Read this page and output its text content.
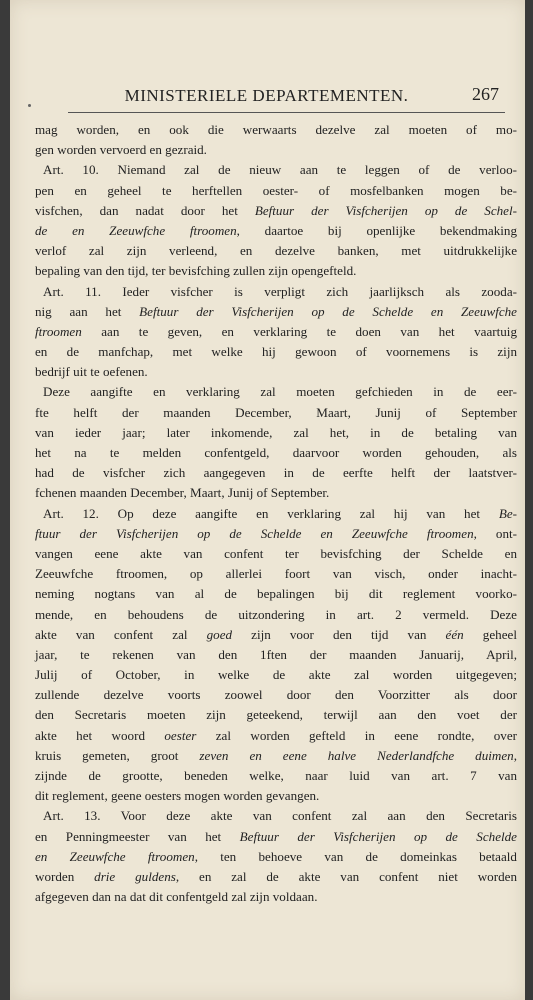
MINISTERIELE DEPARTEMENTEN.	267
mag worden, en ook die werwaarts dezelve zal moeten of mo-
gen worden vervoerd en gezraid.
Art. 10. Niemand zal de nieuw aan te leggen of de verloo-
pen en geheel te herftellen oester- of mosfelbanken mogen be-
visfchen, dan nadat door het Beftuur der Visfcherijen op de Schel-
de en Zeeuwfche ftroomen, daartoe bij openlijke bekendmaking
verlof zal zijn verleend, en dezelve banken, met uitdrukkelijke
bepaling van den tijd, ter bevisfching zullen zijn opengefteld.
Art. 11. Ieder visfcher is verpligt zich jaarlijksch als zooda-
nig aan het Beftuur der Visfcherijen op de Schelde en Zeeuwfche
ftroomen aan te geven, en verklaring te doen van het vaartuig
en de manfchap, met welke hij gewoon of voornemens is zijn
bedrijf uit te oefenen.
Deze aangifte en verklaring zal moeten gefchieden in de eer-
fte helft der maanden December, Maart, Junij of September
van ieder jaar; later inkomende, zal het, in de betaling van
het na te melden confentgeld, daarvoor worden gehouden, als
had de visfcher zich aangegeven in de eerfte helft der laatstver-
fchenen maanden December, Maart, Junij of September.
Art. 12. Op deze aangifte en verklaring zal hij van het Be-
ftuur der Visfcherijen op de Schelde en Zeeuwfche ftroomen, ont-
vangen eene akte van confent ter bevisfching der Schelde en
Zeeuwfche ftroomen, op allerlei foort van visch, onder inacht-
neming nogtans van al de bepalingen bij dit reglement voorko-
mende, en behoudens de uitzondering in art. 2 vermeld. Deze
akte van confent zal goed zijn voor den tijd van één geheel
jaar, te rekenen van den 1ften der maanden Januarij, April,
Julij of October, in welke de akte zal worden uitgegeven;
zullende dezelve voorts zoowel door den Voorzitter als door
den Secretaris moeten zijn geteekend, terwijl aan den voet der
akte het woord oester zal worden gefteld in eene rondte, over
kruis gemeten, groot zeven en eene halve Nederlandfche duimen,
zijnde de grootte, beneden welke, naar luid van art. 7 van
dit reglement, geene oesters mogen worden gevangen.
Art. 13. Voor deze akte van confent zal aan den Secretaris
en Penningmeester van het Beftuur der Visfcherijen op de Schelde
en Zeeuwfche ftroomen, ten behoeve van de domeinkas betaald
worden drie guldens, en zal de akte van confent niet worden
afgegeven dan na dat dit confentgeld zal zijn voldaan.
